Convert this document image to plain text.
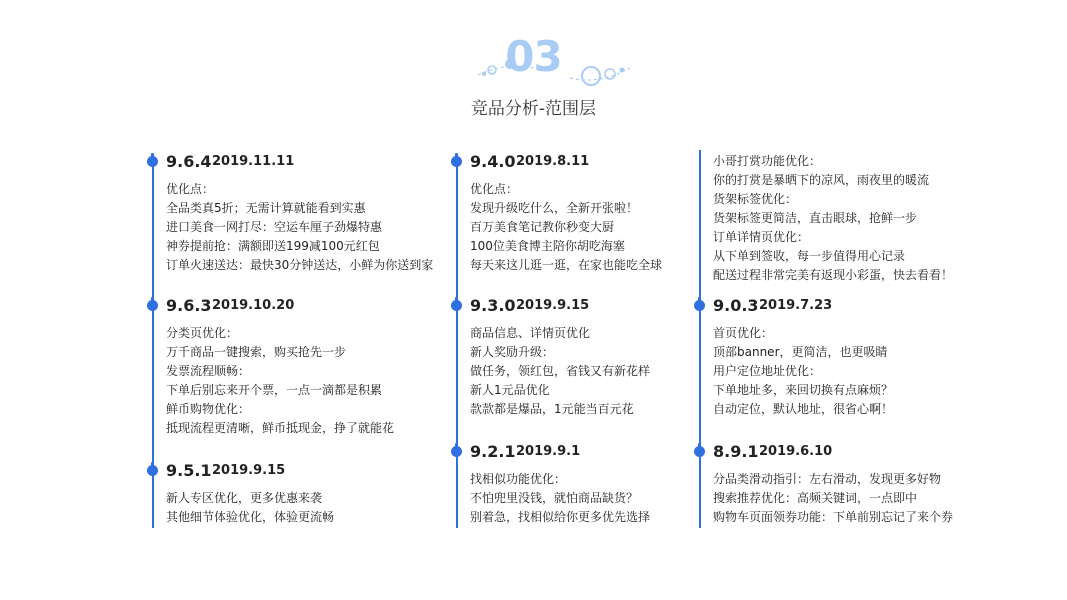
03
竞品分析-范围层
9.6.4 2019.11.11
优化点：
全品类真5折；无需计算就能看到实惠
进口美食一网打尽：空运车厘子劲爆特惠
神券提前抢：满额即送199减100元红包
订单火速送达：最快30分钟送达，小鲜为你送到家
9.6.3 2019.10.20
分类页优化：
万千商品一键搜索，购买抢先一步
发票流程顺畅：
下单后别忘来开个票，一点一滴都是积累
鲜币购物优化：
抵现流程更清晰，鲜币抵现金，挣了就能花
9.5.1 2019.9.15
新人专区优化，更多优惠来袭
其他细节体验优化，体验更流畅
9.4.0 2019.8.11
优化点：
发现升级吃什么，全新开张啦！
百万美食笔记教你秒变大厨
100位美食博主陪你胡吃海塞
每天来这儿逛一逛，在家也能吃全球
9.3.0 2019.9.15
商品信息、详情页优化
新人奖励升级：
做任务，领红包，省钱又有新花样
新人1元品优化
款款都是爆品，1元能当百元花
9.2.1 2019.9.1
找相似功能优化：
不怕兜里没钱，就怕商品缺货？
别着急，找相似给你更多优先选择
小哥打赏功能优化：
你的打赏是暴晒下的凉风，雨夜里的暖流
货架标签优化：
货架标签更简洁，直击眼球，抢鲜一步
订单详情页优化：
从下单到签收，每一步值得用心记录
配送过程非常完美有返现小彩蛋，快去看看！
9.0.3 2019.7.23
首页优化：
顶部banner，更简洁，也更吸睛
用户定位地址优化：
下单地址多，来回切换有点麻烦？
自动定位，默认地址，很省心啊！
8.9.1 2019.6.10
分品类滑动指引：左右滑动，发现更多好物
搜索推荐优化：高频关键词，一点即中
购物车页面领券功能：下单前别忘记了来个券
